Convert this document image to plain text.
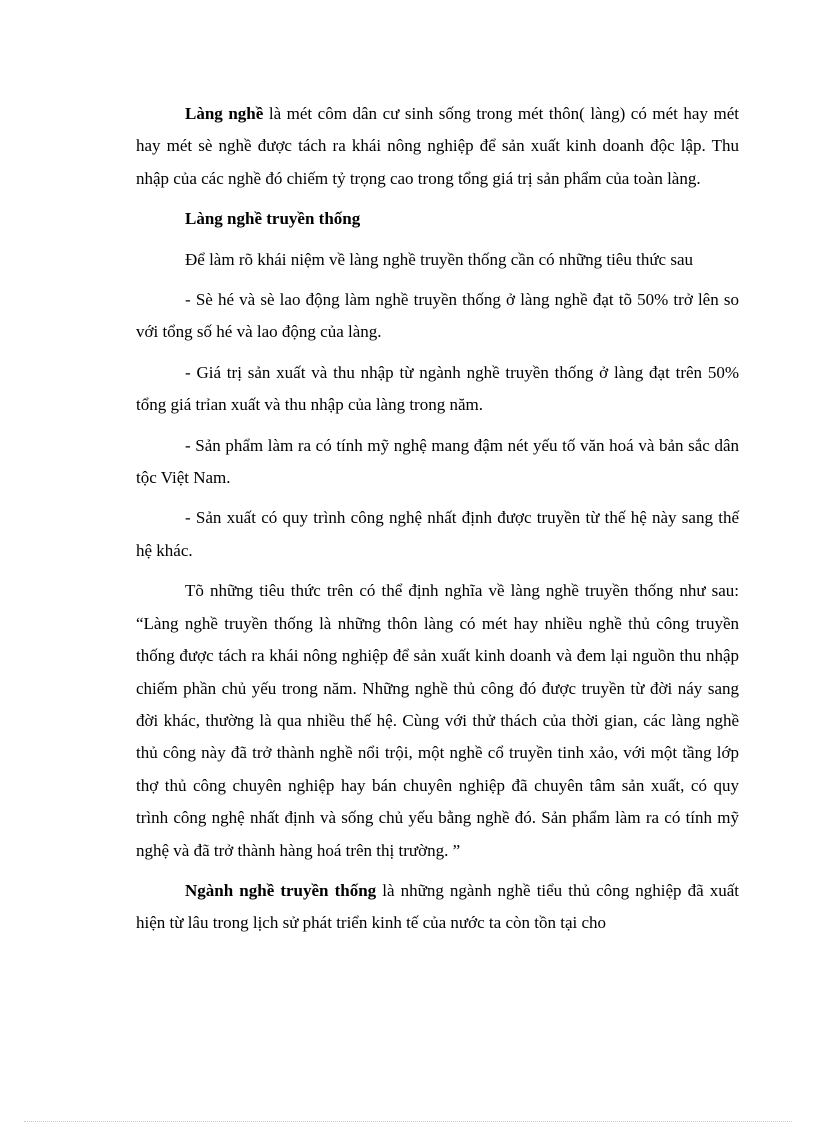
Làng nghề là mét côm dân cư sinh sống trong mét thôn( làng) có mét hay mét hay mét sè nghề được tách ra khái nông nghiệp để sản xuất kinh doanh độc lập. Thu nhập của các nghề đó chiếm tỷ trọng cao trong tổng giá trị sản phẩm của toàn làng.

Làng nghề truyền thống

Để làm rõ khái niệm về làng nghề truyền thống cần có những tiêu thức sau

- Sè hé và sè lao động làm nghề truyền thống ở làng nghề đạt tõ 50% trở lên so với tổng số hé và lao động của làng.

- Giá trị sản xuất và thu nhập từ ngành nghề truyền thống ở làng đạt trên 50% tổng giá trỉan xuất và thu nhập của làng trong năm.

- Sản phẩm làm ra có tính mỹ nghệ mang đậm nét yếu tố văn hoá và bản sắc dân tộc Việt Nam.

- Sản xuất có quy trình công nghệ nhất định được truyền từ thế hệ này sang thế hệ khác.

Tõ những tiêu thức trên có thể định nghĩa về làng nghề truyền thống như sau: “Làng nghề truyền thống là những thôn làng có mét hay nhiều nghề thủ công truyền thống được tách ra khái nông nghiệp để sản xuất kinh doanh và đem lại nguồn thu nhập chiếm phần chủ yếu trong năm. Những nghề thủ công đó được truyền từ đời náy sang đời khác, thường là qua nhiều thế hệ. Cùng với thử thách của thời gian, các làng nghề thủ công này đã trở thành nghề nổi trội, một nghề cổ truyền tinh xảo, với một tầng lớp thợ thủ công chuyên nghiệp hay bán chuyên nghiệp đã chuyên tâm sản xuất, có quy trình công nghệ nhất định và sống chủ yếu bằng nghề đó. Sản phẩm làm ra có tính mỹ nghệ và đã trở thành hàng hoá trên thị trường. ”

Ngành nghề truyền thống là những ngành nghề tiểu thủ công nghiệp đã xuất hiện từ lâu trong lịch sử phát triển kinh tế của nước ta còn tồn tại cho
